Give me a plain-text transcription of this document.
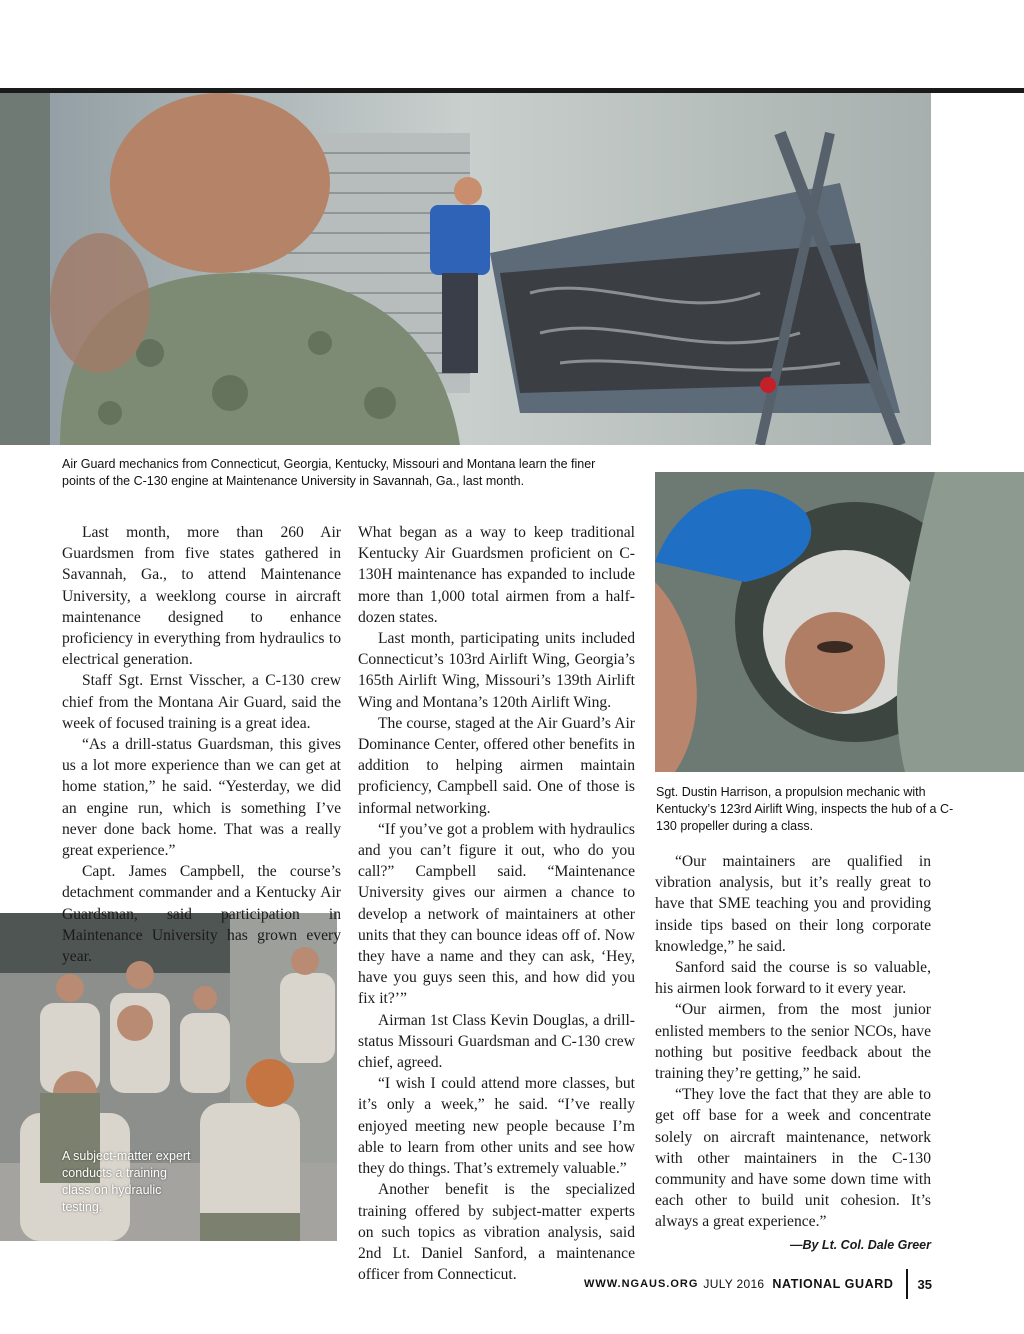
Air Guard mechanics from Connecticut, Georgia, Kentucky, Missouri and Montana learn the finer points of the C-130 engine at Maintenance University in Savannah, Ga., last month.
Sgt. Dustin Harrison, a propulsion mechanic with Kentucky’s 123rd Airlift Wing, inspects the hub of a C-130 propeller during a class.
A subject-matter expert conducts a training class on hydraulic testing.

Last month, more than 260 Air Guardsmen from five states gathered in Savannah, Ga., to attend Maintenance University, a weeklong course in aircraft maintenance designed to enhance proficiency in everything from hydraulics to electrical generation.

Staff Sgt. Ernst Visscher, a C-130 crew chief from the Montana Air Guard, said the week of focused training is a great idea.

“As a drill-status Guardsman, this gives us a lot more experience than we can get at home station,” he said. “Yesterday, we did an engine run, which is something I’ve never done back home. That was a really great experience.”

Capt. James Campbell, the course’s detachment commander and a Kentucky Air Guardsman, said participation in Maintenance University has grown every year.

What began as a way to keep traditional Kentucky Air Guardsmen proficient on C-130H maintenance has expanded to include more than 1,000 total airmen from a half-dozen states.

Last month, participating units included Connecticut’s 103rd Airlift Wing, Georgia’s 165th Airlift Wing, Missouri’s 139th Airlift Wing and Montana’s 120th Airlift Wing.

The course, staged at the Air Guard’s Air Dominance Center, offered other benefits in addition to helping airmen maintain proficiency, Campbell said. One of those is informal networking.

“If you’ve got a problem with hydraulics and you can’t figure it out, who do you call?” Campbell said. “Maintenance University gives our airmen a chance to develop a network of maintainers at other units that they can bounce ideas off of. Now they have a name and they can ask, ‘Hey, have you guys seen this, and how did you fix it?’”

Airman 1st Class Kevin Douglas, a drill-status Missouri Guardsman and C-130 crew chief, agreed.

“I wish I could attend more classes, but it’s only a week,” he said. “I’ve really enjoyed meeting new people because I’m able to learn from other units and see how they do things. That’s extremely valuable.”

Another benefit is the specialized training offered by subject-matter experts on such topics as vibration analysis, said 2nd Lt. Daniel Sanford, a maintenance officer from Connecticut.

“Our maintainers are qualified in vibration analysis, but it’s really great to have that SME teaching you and providing inside tips based on their long corporate knowledge,” he said.

Sanford said the course is so valuable, his airmen look forward to it every year.

“Our airmen, from the most junior enlisted members to the senior NCOs, have nothing but positive feedback about the training they’re getting,” he said.

“They love the fact that they are able to get off base for a week and concentrate solely on aircraft maintenance, network with other maintainers in the C-130 community and have some down time with each other to build unit cohesion. It’s always a great experience.”

—By Lt. Col. Dale Greer
WWW.NGAUS.ORG JULY 2016 NATIONAL GUARD 35
